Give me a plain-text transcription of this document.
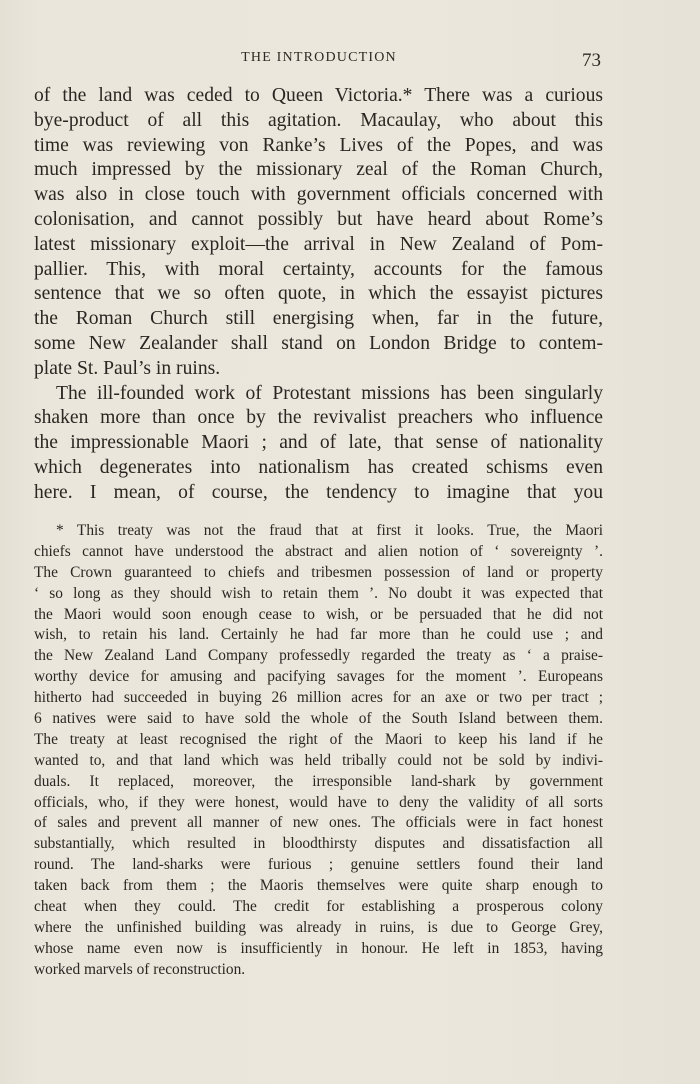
THE INTRODUCTION	73
of the land was ceded to Queen Victoria.* There was a curious
bye-product of all this agitation. Macaulay, who about this
time was reviewing von Ranke’s Lives of the Popes, and was
much impressed by the missionary zeal of the Roman Church,
was also in close touch with government officials concerned with
colonisation, and cannot possibly but have heard about Rome’s
latest missionary exploit—the arrival in New Zealand of Pom-
pallier. This, with moral certainty, accounts for the famous
sentence that we so often quote, in which the essayist pictures
the Roman Church still energising when, far in the future,
some New Zealander shall stand on London Bridge to contem-
plate St. Paul’s in ruins.
The ill-founded work of Protestant missions has been singularly
shaken more than once by the revivalist preachers who influence
the impressionable Maori ; and of late, that sense of nationality
which degenerates into nationalism has created schisms even
here. I mean, of course, the tendency to imagine that you
* This treaty was not the fraud that at first it looks. True, the Maori
chiefs cannot have understood the abstract and alien notion of ‘ sovereignty ’.
The Crown guaranteed to chiefs and tribesmen possession of land or property
‘ so long as they should wish to retain them ’. No doubt it was expected that
the Maori would soon enough cease to wish, or be persuaded that he did not
wish, to retain his land. Certainly he had far more than he could use ; and
the New Zealand Land Company professedly regarded the treaty as ‘ a praise-
worthy device for amusing and pacifying savages for the moment ’. Europeans
hitherto had succeeded in buying 26 million acres for an axe or two per tract ;
6 natives were said to have sold the whole of the South Island between them.
The treaty at least recognised the right of the Maori to keep his land if he
wanted to, and that land which was held tribally could not be sold by indivi-
duals. It replaced, moreover, the irresponsible land-shark by government
officials, who, if they were honest, would have to deny the validity of all sorts
of sales and prevent all manner of new ones. The officials were in fact honest
substantially, which resulted in bloodthirsty disputes and dissatisfaction all
round. The land-sharks were furious ; genuine settlers found their land
taken back from them ; the Maoris themselves were quite sharp enough to
cheat when they could. The credit for establishing a prosperous colony
where the unfinished building was already in ruins, is due to George Grey,
whose name even now is insufficiently in honour. He left in 1853, having
worked marvels of reconstruction.
